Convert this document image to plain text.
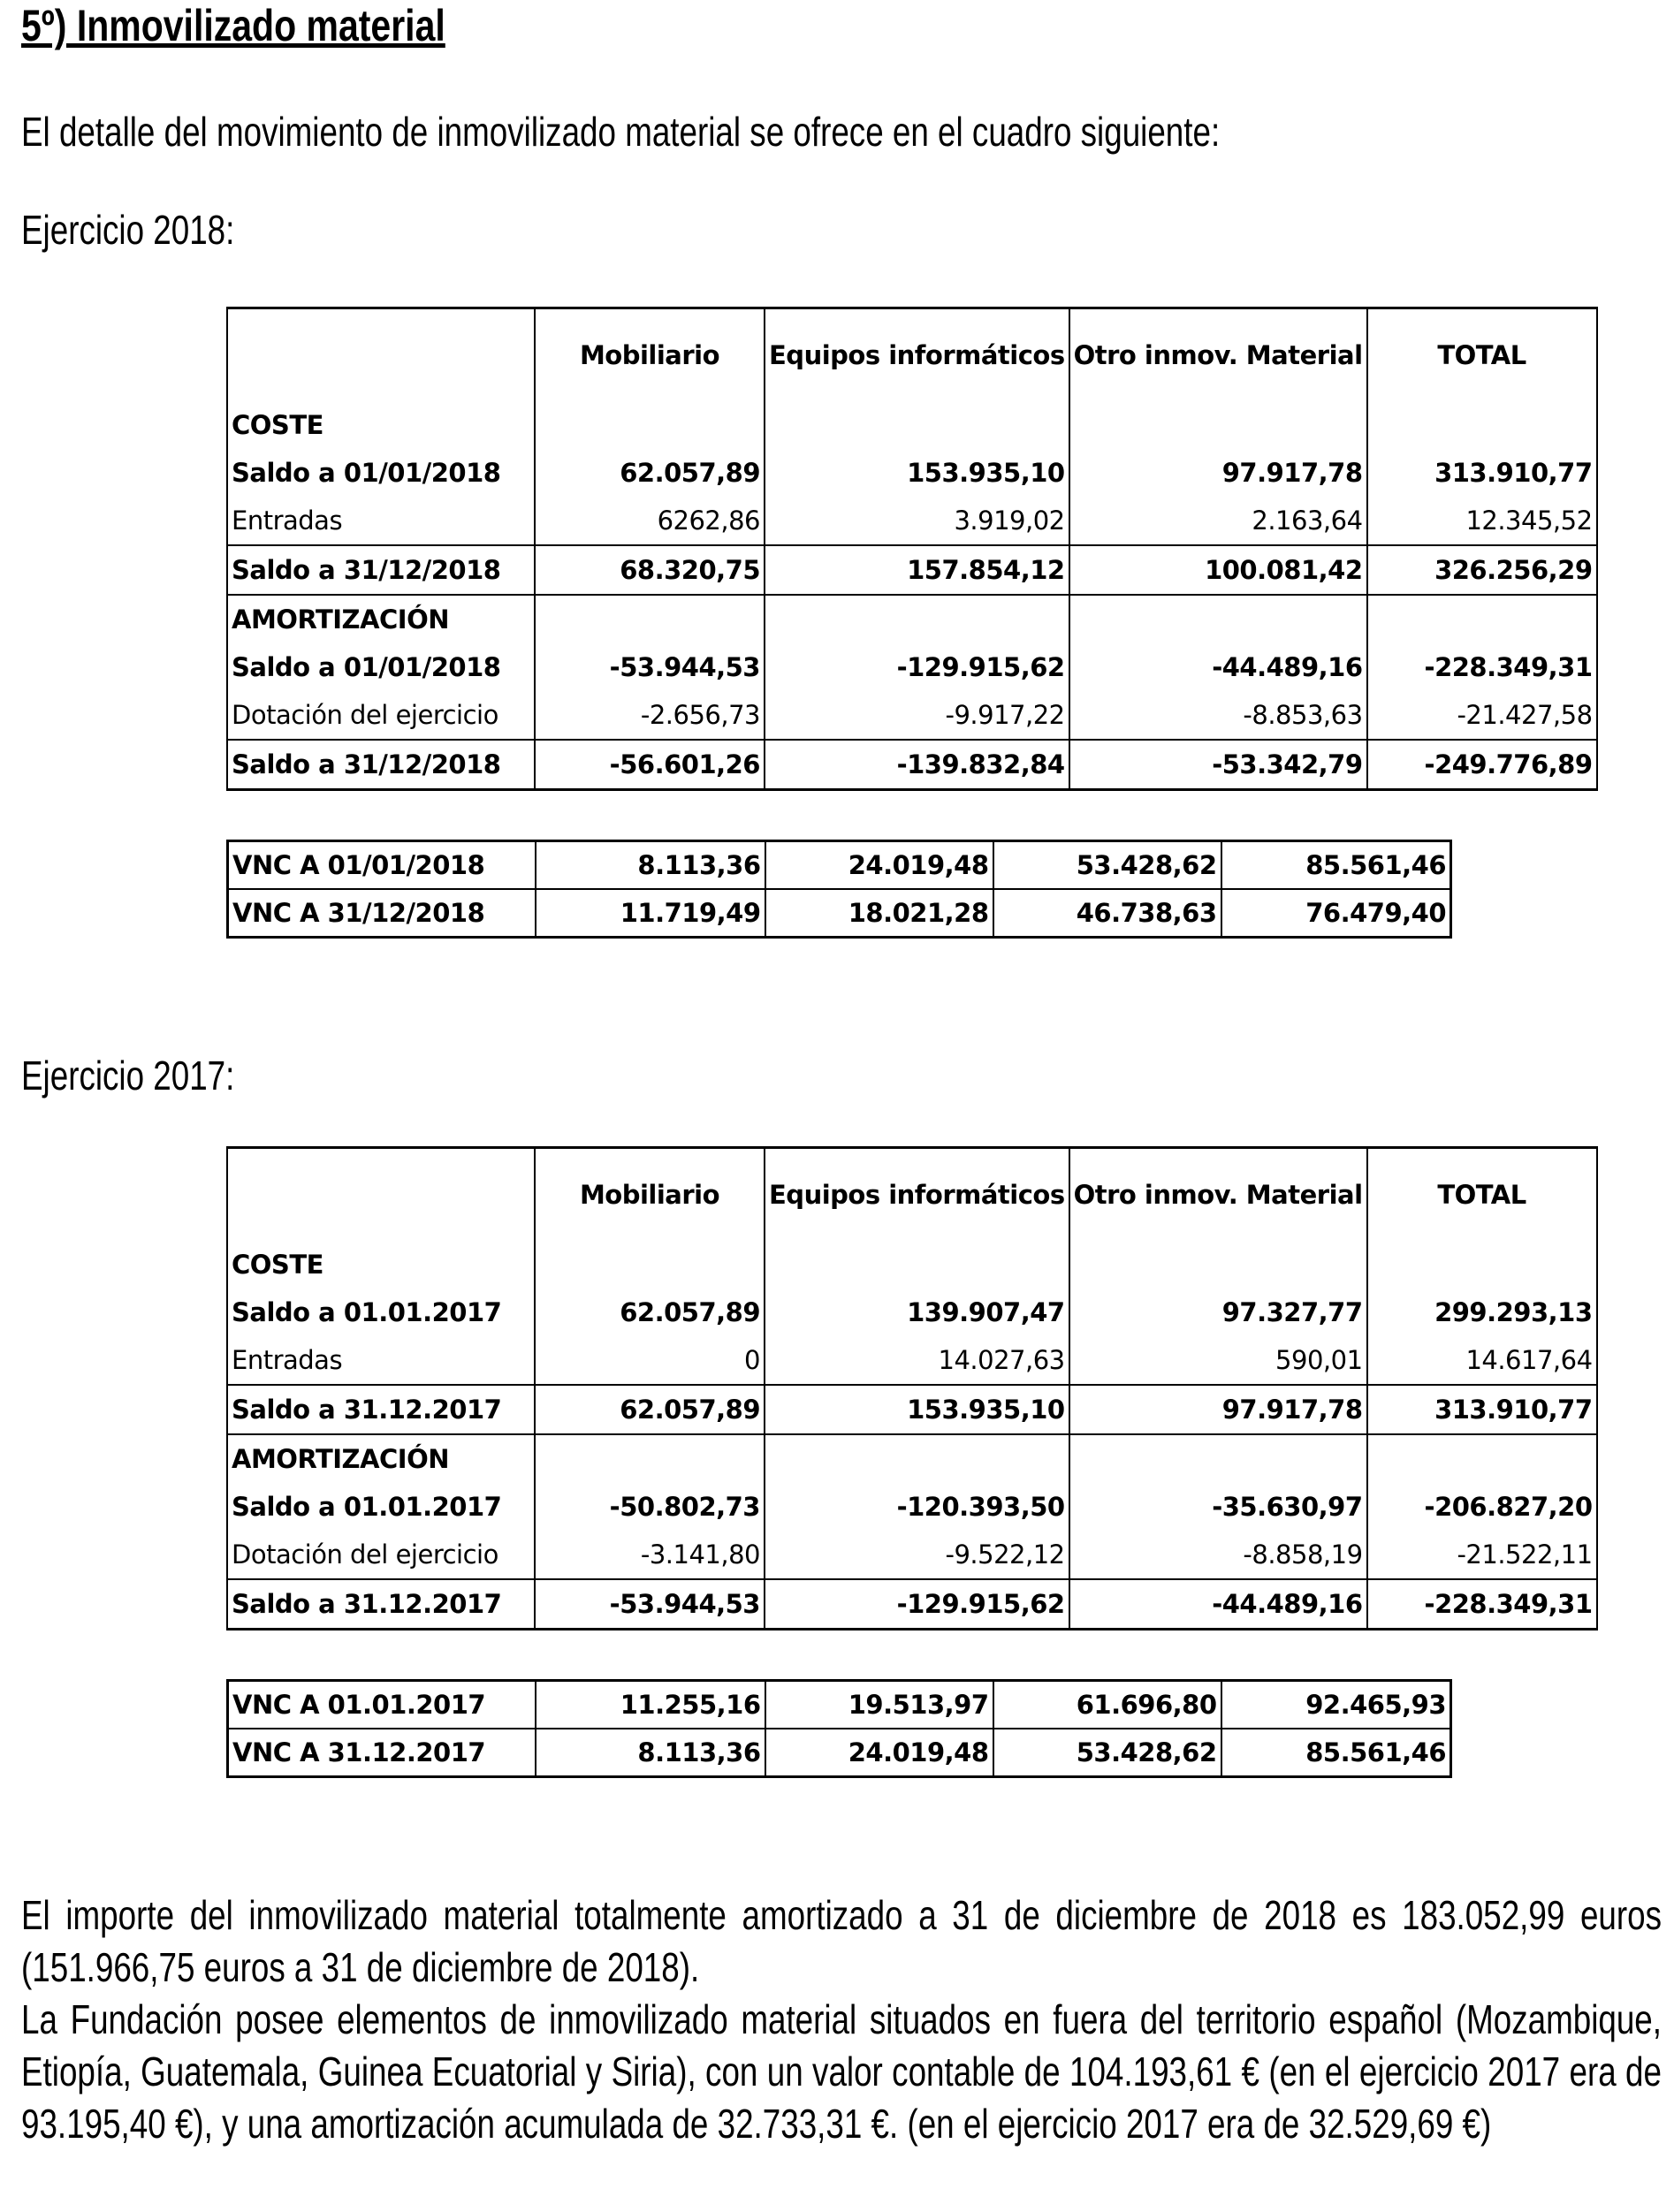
5º) Inmovilizado material
El detalle del movimiento de inmovilizado material se ofrece en el cuadro siguiente:
Ejercicio 2018:
	Mobiliario	Equipos informáticos	Otro inmov. Material	TOTAL
COSTE				
Saldo a 01/01/2018	62.057,89	153.935,10	97.917,78	313.910,77
Entradas	6262,86	3.919,02	2.163,64	12.345,52
Saldo a 31/12/2018	68.320,75	157.854,12	100.081,42	326.256,29
AMORTIZACIÓN				
Saldo a 01/01/2018	-53.944,53	-129.915,62	-44.489,16	-228.349,31
Dotación del ejercicio	-2.656,73	-9.917,22	-8.853,63	-21.427,58
Saldo a 31/12/2018	-56.601,26	-139.832,84	-53.342,79	-249.776,89
VNC A 01/01/2018	8.113,36	24.019,48	53.428,62	85.561,46
VNC A 31/12/2018	11.719,49	18.021,28	46.738,63	76.479,40
Ejercicio 2017:
	Mobiliario	Equipos informáticos	Otro inmov. Material	TOTAL
COSTE				
Saldo a 01.01.2017	62.057,89	139.907,47	97.327,77	299.293,13
Entradas	0	14.027,63	590,01	14.617,64
Saldo a 31.12.2017	62.057,89	153.935,10	97.917,78	313.910,77
AMORTIZACIÓN				
Saldo a 01.01.2017	-50.802,73	-120.393,50	-35.630,97	-206.827,20
Dotación del ejercicio	-3.141,80	-9.522,12	-8.858,19	-21.522,11
Saldo a 31.12.2017	-53.944,53	-129.915,62	-44.489,16	-228.349,31
VNC A 01.01.2017	11.255,16	19.513,97	61.696,80	92.465,93
VNC A 31.12.2017	8.113,36	24.019,48	53.428,62	85.561,46
El importe del inmovilizado material totalmente amortizado a 31 de diciembre de 2018 es 183.052,99 euros (151.966,75 euros a 31 de diciembre de 2018).
La Fundación posee elementos de inmovilizado material situados en fuera del territorio español (Mozambique, Etiopía, Guatemala, Guinea Ecuatorial y Siria), con un valor contable de 104.193,61 € (en el ejercicio 2017 era de 93.195,40 €), y una amortización acumulada de 32.733,31 €. (en el ejercicio 2017 era de 32.529,69 €)
